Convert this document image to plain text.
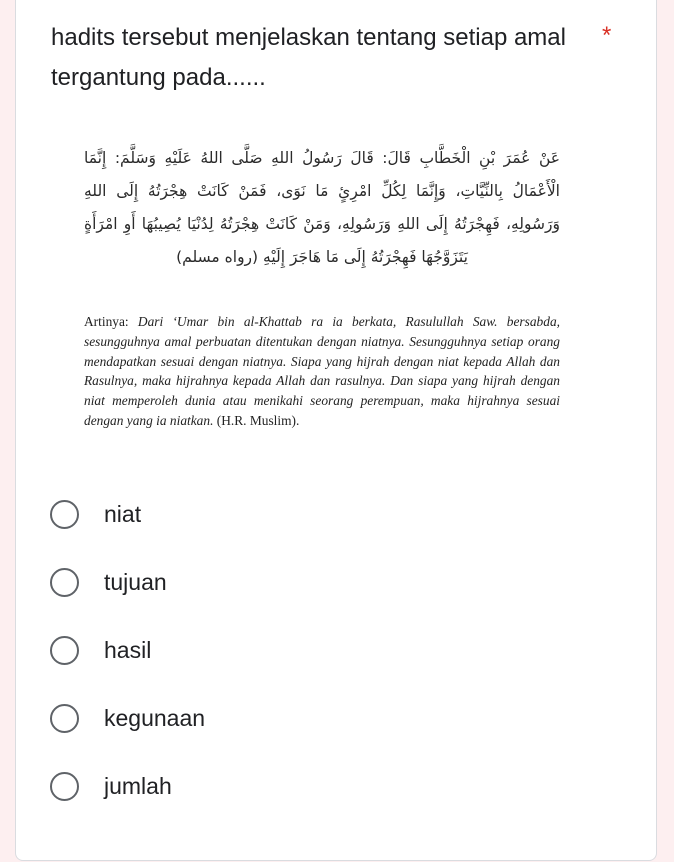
hadits tersebut menjelaskan tentang setiap amal tergantung pada......
*

عَنْ عُمَرَ بْنِ الْخَطَّابِ قَالَ: قَالَ رَسُولُ اللهِ صَلَّى اللهُ عَلَيْهِ وَسَلَّمَ: إِنَّمَا الْأَعْمَالُ بِالنِّيَّاتِ، وَإِنَّمَا لِكُلِّ امْرِئٍ مَا نَوَى، فَمَنْ كَانَتْ هِجْرَتُهُ إِلَى اللهِ وَرَسُولِهِ، فَهِجْرَتُهُ إِلَى اللهِ وَرَسُولِهِ، وَمَنْ كَانَتْ هِجْرَتُهُ لِدُنْيَا يُصِيبُهَا أَوِ امْرَأَةٍ يَتَزَوَّجُهَا فَهِجْرَتُهُ إِلَى مَا هَاجَرَ إِلَيْهِ (رواه مسلم)

Artinya: Dari ‘Umar bin al-Khattab ra ia berkata, Rasulullah Saw. bersabda, sesungguhnya amal perbuatan ditentukan dengan niatnya. Sesungguhnya setiap orang mendapatkan sesuai dengan niatnya. Siapa yang hijrah dengan niat kepada Allah dan Rasulnya, maka hijrahnya kepada Allah dan rasulnya. Dan siapa yang hijrah dengan niat memperoleh dunia atau menikahi seorang perempuan, maka hijrahnya sesuai dengan yang ia niatkan. (H.R. Muslim).

niat
tujuan
hasil
kegunaan
jumlah
